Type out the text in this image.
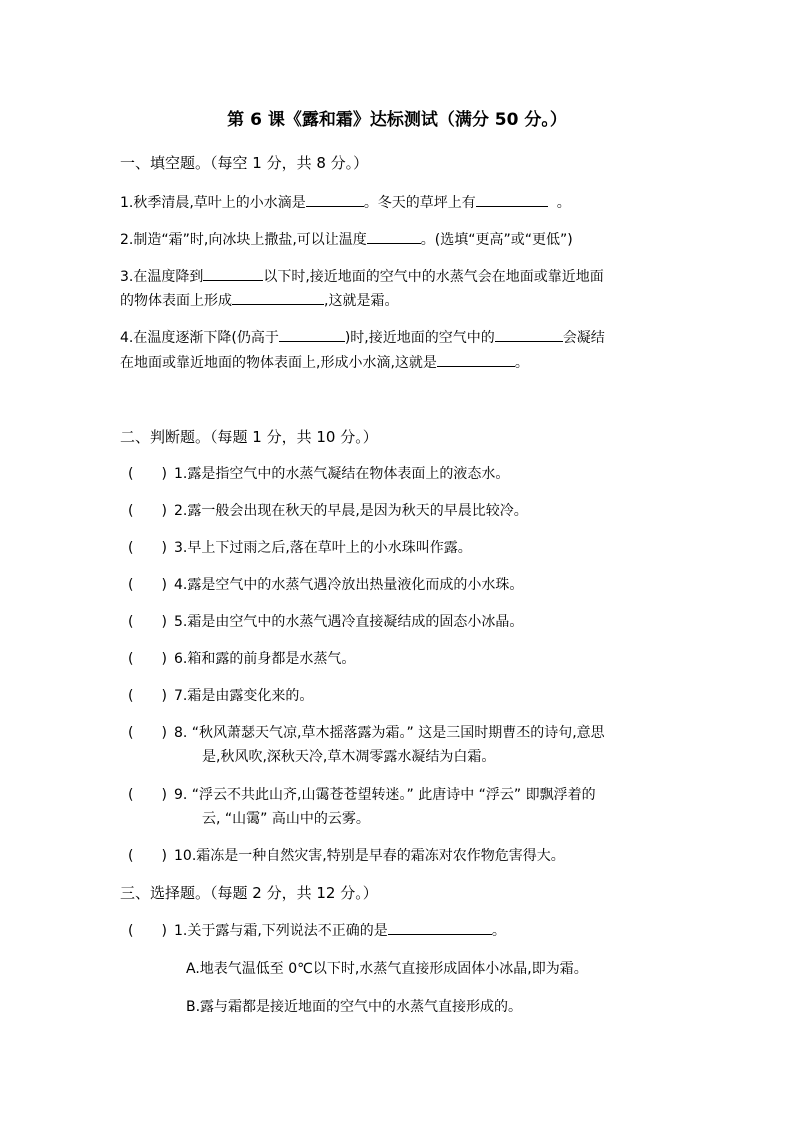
第 6 课《露和霜》达标测试（满分 50 分。）
一、填空题。（每空 1 分，共 8 分。）
1.秋季清晨,草叶上的小水滴是	。冬天的草坪上有	。
2.制造“霜”时,向冰块上撒盐,可以让温度	。(选填“更高”或“更低”)
3.在温度降到	以下时,接近地面的空气中的水蒸气会在地面或靠近地面
的物体表面上形成	,这就是霜。
4.在温度逐渐下降(仍高于	)时,接近地面的空气中的	会凝结
在地面或靠近地面的物体表面上,形成小水滴,这就是	。
二、判断题。（每题 1 分，共 10 分。）
(　　) 1.露是指空气中的水蒸气凝结在物体表面上的液态水。
(　　) 2.露一般会出现在秋天的早晨,是因为秋天的早晨比较冷。
(　　) 3.早上下过雨之后,落在草叶上的小水珠叫作露。
(　　) 4.露是空气中的水蒸气遇冷放出热量液化而成的小水珠。
(　　) 5.霜是由空气中的水蒸气遇冷直接凝结成的固态小冰晶。
(　　) 6.箱和露的前身都是水蒸气。
(　　) 7.霜是由露变化来的。
(　　) 8. “秋风萧瑟天气凉,草木摇落露为霜。” 这是三国时期曹丕的诗句,意思
是,秋风吹,深秋天冷,草木凋零露水凝结为白霜。
(　　) 9. “浮云不共此山齐,山霭苍苍望转迷。” 此唐诗中 “浮云” 即飘浮着的
云, “山霭” 高山中的云雾。
(　　) 10.霜冻是一种自然灾害,特别是早春的霜冻对农作物危害得大。
三、选择题。（每题 2 分，共 12 分。）
(　　) 1.关于露与霜,下列说法不正确的是	。
A.地表气温低至 0℃以下时,水蒸气直接形成固体小冰晶,即为霜。
B.露与霜都是接近地面的空气中的水蒸气直接形成的。
